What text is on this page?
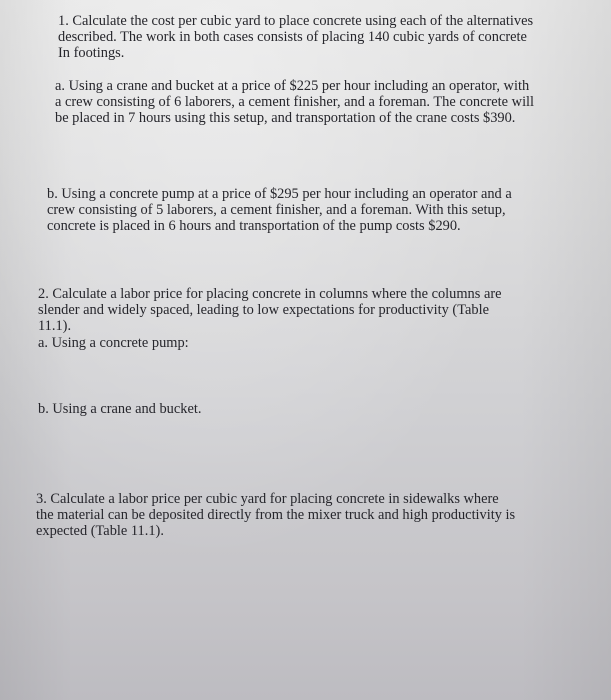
1. Calculate the cost per cubic yard to place concrete using each of the alternatives
described. The work in both cases consists of placing 140 cubic yards of concrete
In footings.
a. Using a crane and bucket at a price of $225 per hour including an operator, with
a crew consisting of 6 laborers, a cement finisher, and a foreman. The concrete will
be placed in 7 hours using this setup, and transportation of the crane costs $390.
b. Using a concrete pump at a price of $295 per hour including an operator and a
crew consisting of 5 laborers, a cement finisher, and a foreman. With this setup,
concrete is placed in 6 hours and transportation of the pump costs $290.
2. Calculate a labor price for placing concrete in columns where the columns are
slender and widely spaced, leading to low expectations for productivity (Table
11.1).
a. Using a concrete pump:
b. Using a crane and bucket.
3. Calculate a labor price per cubic yard for placing concrete in sidewalks where
the material can be deposited directly from the mixer truck and high productivity is
expected (Table 11.1).
